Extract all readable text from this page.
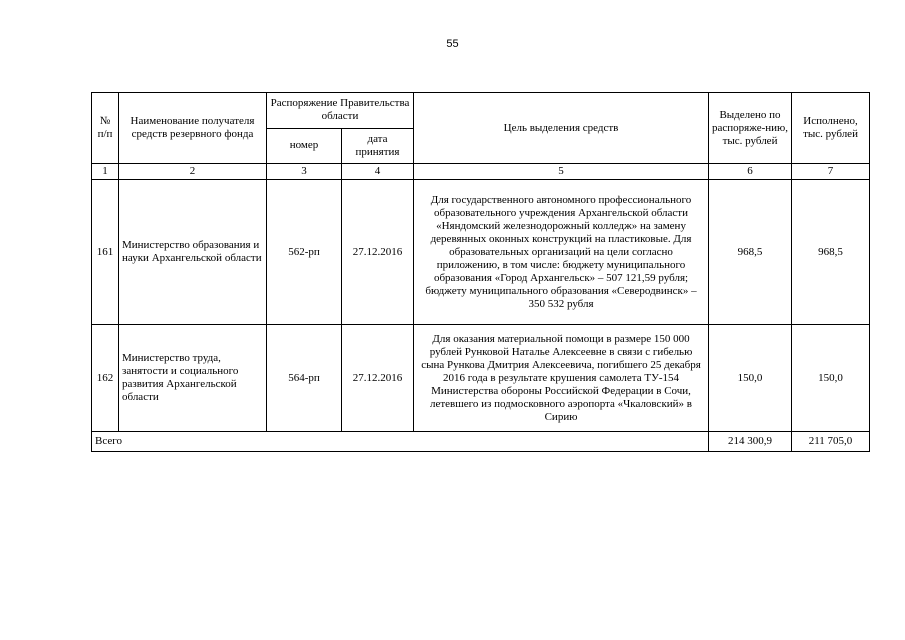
55
№ п/п	Наименование получателя средств резервного фонда	Распоряжение Правительства области		Цель выделения средств	Выделено по распоряже-нию, тыс. рублей	Исполнено, тыс. рублей
		номер	дата принятия			
1	2	3	4	5	6	7
161	Министерство образования и науки Архангельской области	562-рп	27.12.2016	Для государственного автономного профессионального образовательного учреждения Архангельской области «Няндомский железнодорожный колледж» на замену деревянных оконных конструкций на пластиковые. Для образовательных организаций на цели согласно приложению, в том числе: бюджету муниципального образования «Город Архангельск» – 507 121,59 рубля; бюджету муниципального образования «Северодвинск» – 350 532 рубля	968,5	968,5
162	Министерство труда, занятости и социального развития Архангельской области	564-рп	27.12.2016	Для оказания материальной помощи в размере 150 000 рублей Рунковой Наталье Алексеевне в связи с гибелью сына Рункова Дмитрия Алексеевича, погибшего 25 декабря 2016 года в результате крушения самолета ТУ-154 Министерства обороны Российской Федерации в Сочи, летевшего из подмосковного аэропорта «Чкаловский» в Сирию	150,0	150,0
Всего					214 300,9	211 705,0
